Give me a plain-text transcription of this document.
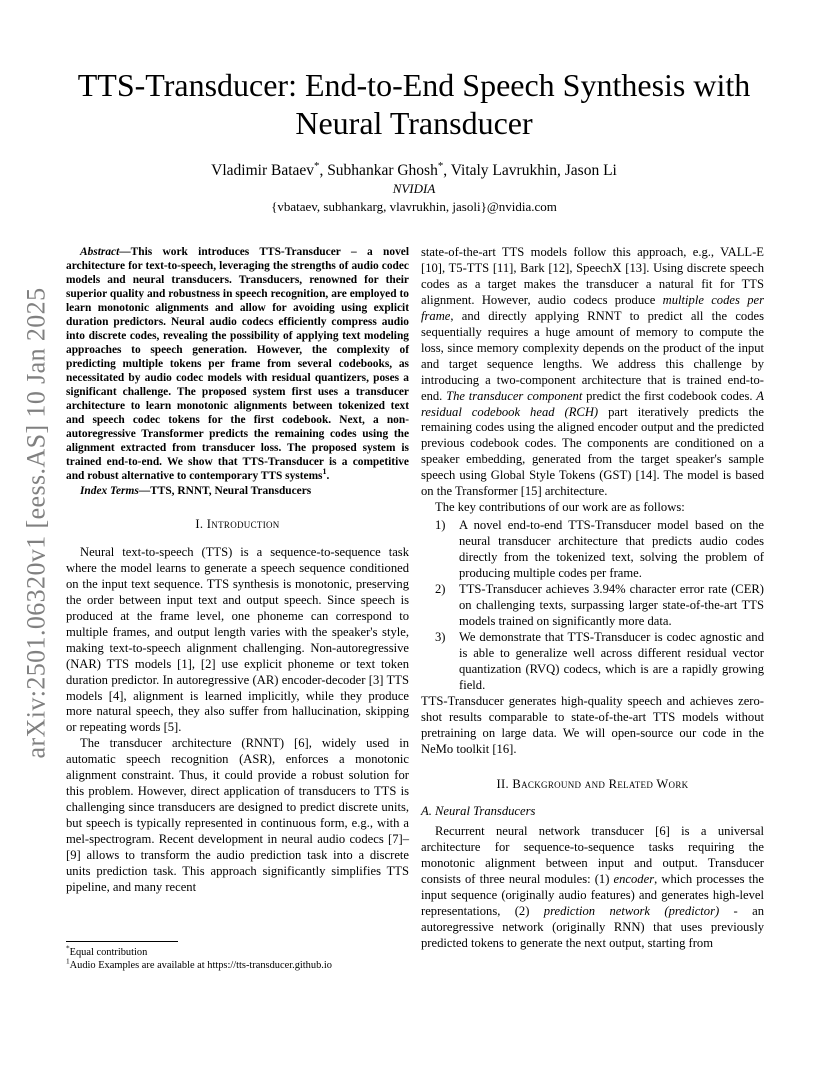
arXiv:2501.06320v1 [eess.AS] 10 Jan 2025
TTS-Transducer: End-to-End Speech Synthesis with Neural Transducer
Vladimir Bataev*, Subhankar Ghosh*, Vitaly Lavrukhin, Jason Li
NVIDIA
{vbataev, subhankarg, vlavrukhin, jasoli}@nvidia.com

Abstract—This work introduces TTS-Transducer – a novel architecture for text-to-speech, leveraging the strengths of audio codec models and neural transducers. Transducers, renowned for their superior quality and robustness in speech recognition, are employed to learn monotonic alignments and allow for avoiding using explicit duration predictors. Neural audio codecs efficiently compress audio into discrete codes, revealing the possibility of applying text modeling approaches to speech generation. However, the complexity of predicting multiple tokens per frame from several codebooks, as necessitated by audio codec models with residual quantizers, poses a significant challenge. The proposed system first uses a transducer architecture to learn monotonic alignments between tokenized text and speech codec tokens for the first codebook. Next, a non-autoregressive Transformer predicts the remaining codes using the alignment extracted from transducer loss. The proposed system is trained end-to-end. We show that TTS-Transducer is a competitive and robust alternative to contemporary TTS systems$^1$.

Index Terms—TTS, RNNT, Neural Transducers

I. Introduction

Neural text-to-speech (TTS) is a sequence-to-sequence task where the model learns to generate a speech sequence conditioned on the input text sequence. TTS synthesis is monotonic, preserving the order between input text and output speech. Since speech is produced at the frame level, one phoneme can correspond to multiple frames, and output length varies with the speaker's style, making text-to-speech alignment challenging. Non-autoregressive (NAR) TTS models [1], [2] use explicit phoneme or text token duration predictor. In autoregressive (AR) encoder-decoder [3] TTS models [4], alignment is learned implicitly, while they produce more natural speech, they also suffer from hallucination, skipping or repeating words [5].

The transducer architecture (RNNT) [6], widely used in automatic speech recognition (ASR), enforces a monotonic alignment constraint. Thus, it could provide a robust solution for this problem. However, direct application of transducers to TTS is challenging since transducers are designed to predict discrete units, but speech is typically represented in continuous form, e.g., with a mel-spectrogram. Recent development in neural audio codecs [7]–[9] allows to transform the audio prediction task into a discrete units prediction task. This approach significantly simplifies TTS pipeline, and many recent

state-of-the-art TTS models follow this approach, e.g., VALL-E [10], T5-TTS [11], Bark [12], SpeechX [13]. Using discrete speech codes as a target makes the transducer a natural fit for TTS alignment. However, audio codecs produce multiple codes per frame, and directly applying RNNT to predict all the codes sequentially requires a huge amount of memory to compute the loss, since memory complexity depends on the product of the input and target sequence lengths. We address this challenge by introducing a two-component architecture that is trained end-to-end. The transducer component predict the first codebook codes. A residual codebook head (RCH) part iteratively predicts the remaining codes using the aligned encoder output and the predicted previous codebook codes. The components are conditioned on a speaker embedding, generated from the target speaker's sample speech using Global Style Tokens (GST) [14]. The model is based on the Transformer [15] architecture.

The key contributions of our work are as follows:

1)	A novel end-to-end TTS-Transducer model based on the neural transducer architecture that predicts audio codes directly from the tokenized text, solving the problem of producing multiple codes per frame.
2)	TTS-Transducer achieves 3.94% character error rate (CER) on challenging texts, surpassing larger state-of-the-art TTS models trained on significantly more data.
3)	We demonstrate that TTS-Transducer is codec agnostic and is able to generalize well across different residual vector quantization (RVQ) codecs, which is are a rapidly growing field.

TTS-Transducer generates high-quality speech and achieves zero-shot results comparable to state-of-the-art TTS models without pretraining on large data. We will open-source our code in the NeMo toolkit [16].

II. Background and Related Work
A. Neural Transducers

Recurrent neural network transducer [6] is a universal architecture for sequence-to-sequence tasks requiring the monotonic alignment between input and output. Transducer consists of three neural modules: (1) encoder, which processes the input sequence (originally audio features) and generates high-level representations, (2) prediction network (predictor) - an autoregressive network (originally RNN) that uses previously predicted tokens to generate the next output, starting from

*Equal contribution
$^1$Audio Examples are available at https://tts-transducer.github.io
